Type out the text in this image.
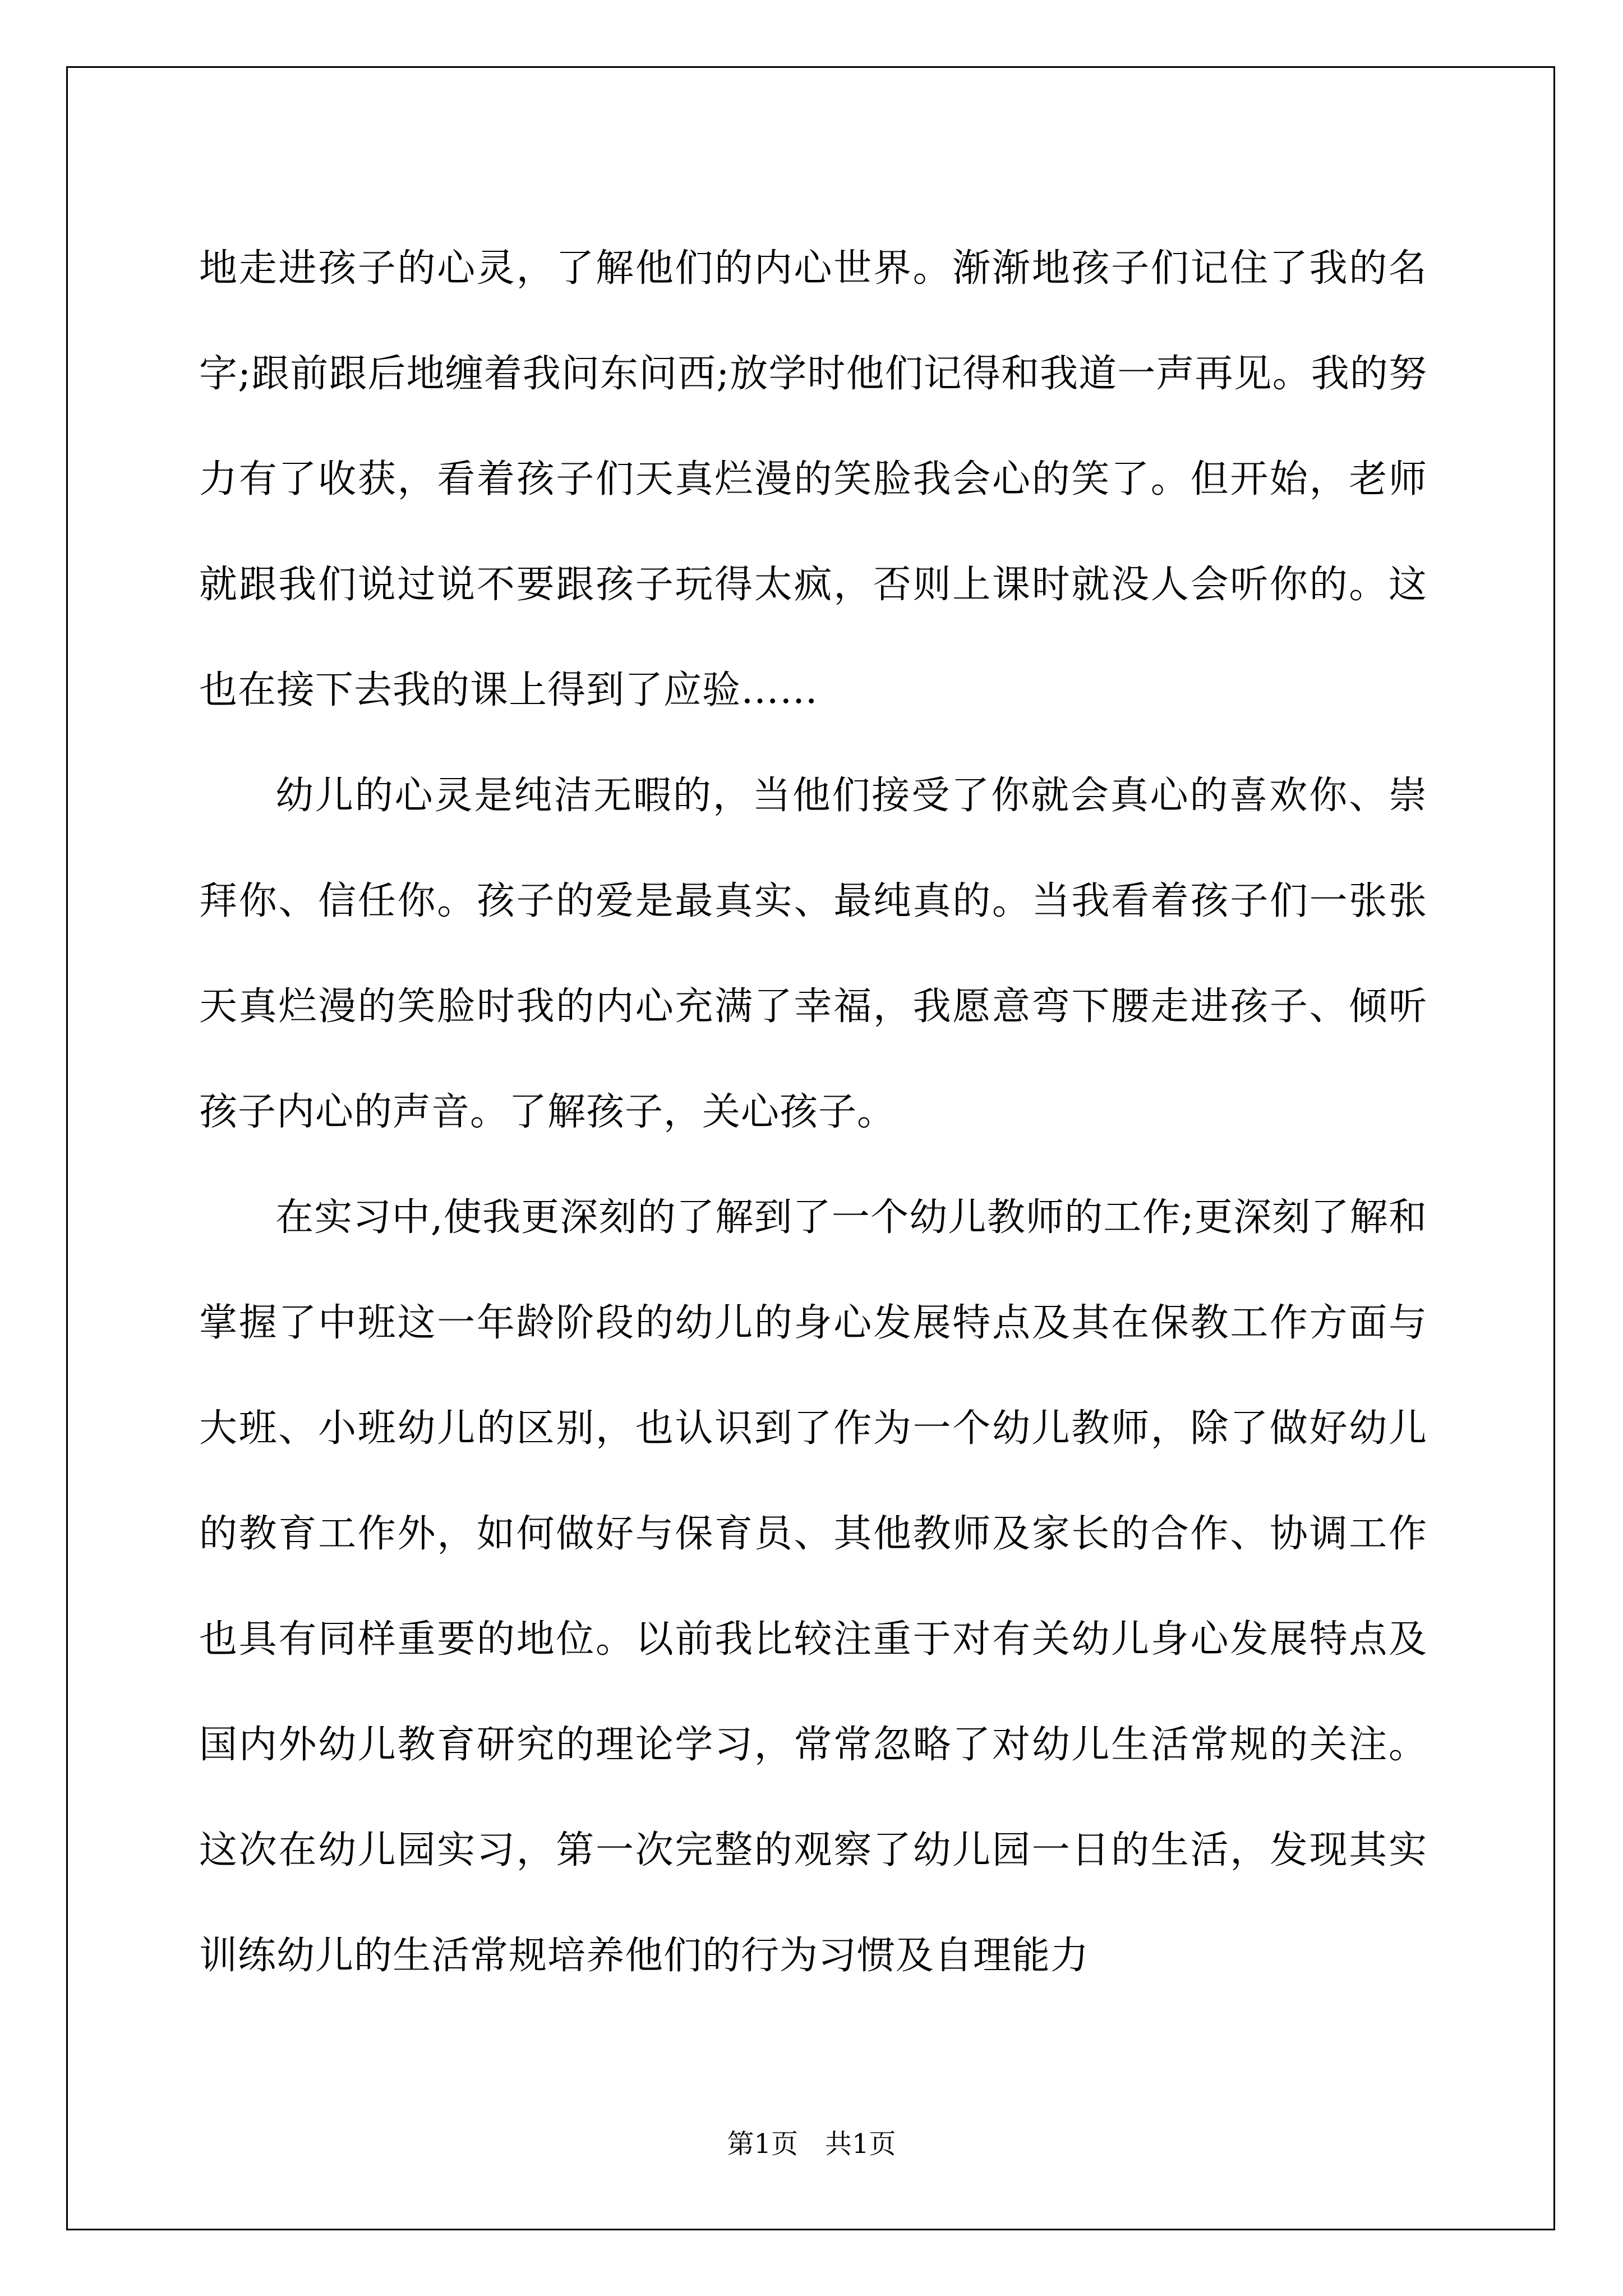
地走进孩子的心灵，了解他们的内心世界。渐渐地孩子们记住了我的名字;跟前跟后地缠着我问东问西;放学时他们记得和我道一声再见。我的努力有了收获，看着孩子们天真烂漫的笑脸我会心的笑了。但开始，老师就跟我们说过说不要跟孩子玩得太疯，否则上课时就没人会听你的。这也在接下去我的课上得到了应验……

幼儿的心灵是纯洁无暇的，当他们接受了你就会真心的喜欢你、崇拜你、信任你。孩子的爱是最真实、最纯真的。当我看着孩子们一张张天真烂漫的笑脸时我的内心充满了幸福，我愿意弯下腰走进孩子、倾听孩子内心的声音。了解孩子，关心孩子。

在实习中,使我更深刻的了解到了一个幼儿教师的工作;更深刻了解和掌握了中班这一年龄阶段的幼儿的身心发展特点及其在保教工作方面与大班、小班幼儿的区别，也认识到了作为一个幼儿教师，除了做好幼儿的教育工作外，如何做好与保育员、其他教师及家长的合作、协调工作也具有同样重要的地位。以前我比较注重于对有关幼儿身心发展特点及国内外幼儿教育研究的理论学习，常常忽略了对幼儿生活常规的关注。这次在幼儿园实习，第一次完整的观察了幼儿园一日的生活，发现其实训练幼儿的生活常规培养他们的行为习惯及自理能力

第1页　共1页
